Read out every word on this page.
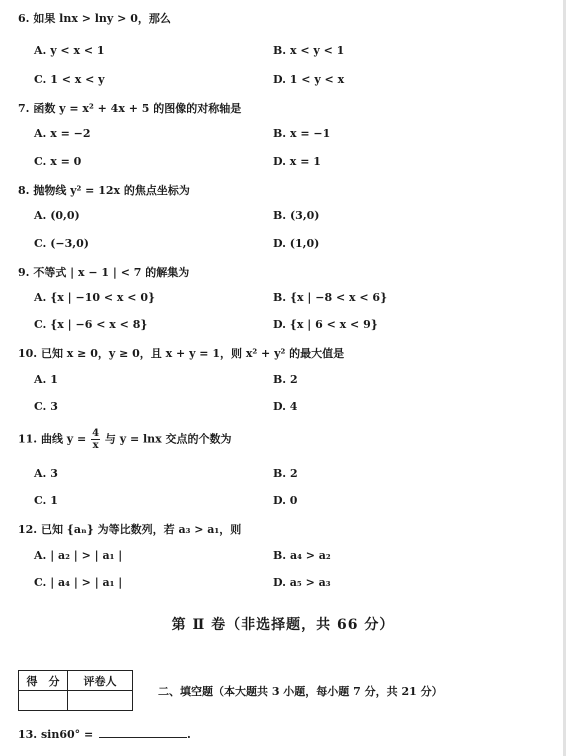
6. 如果 lnx > lny > 0，那么
A. y < x < 1	B. x < y < 1
C. 1 < x < y	D. 1 < y < x
7. 函数 y = x² + 4x + 5 的图像的对称轴是
A. x = −2	B. x = −1
C. x = 0	D. x = 1
8. 抛物线 y² = 12x 的焦点坐标为
A. (0,0)	B. (3,0)
C. (−3,0)	D. (1,0)
9. 不等式 | x − 1 | < 7 的解集为
A. {x | −10 < x < 0}	B. {x | −8 < x < 6}
C. {x | −6 < x < 8}	D. {x | 6 < x < 9}
10. 已知 x ≥ 0，y ≥ 0，且 x + y = 1，则 x² + y² 的最大值是
A. 1	B. 2
C. 3	D. 4
11. 曲线 $y = \frac{4}{x}$ 与 y = lnx 交点的个数为
A. 3	B. 2
C. 1	D. 0
12. 已知 {aₙ} 为等比数列，若 a₃ > a₁，则
A. | a₂ | > | a₁ |	B. a₄ > a₂
C. | a₄ | > | a₁ |	D. a₅ > a₃
第 Ⅱ 卷（非选择题，共 66 分）
得　分	评卷人

二、填空题（本大题共 3 小题，每小题 7 分，共 21 分）
13. sin60° =	.
